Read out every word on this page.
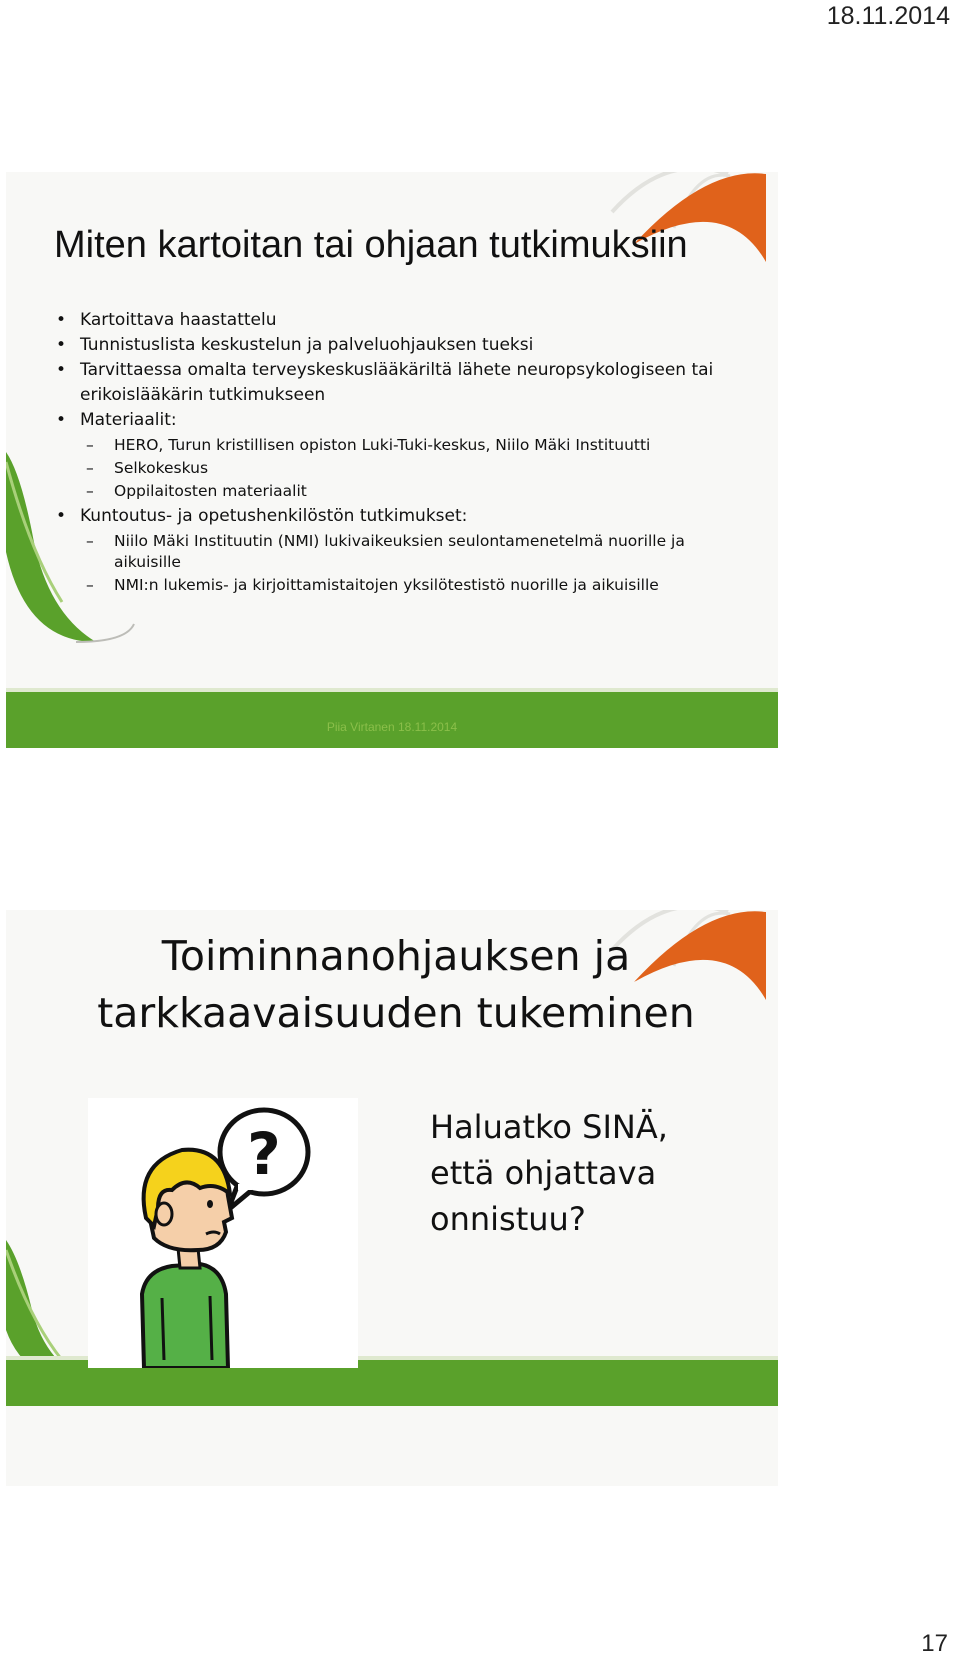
18.11.2014
Miten kartoitan tai ohjaan tutkimuksiin
• Kartoittava haastattelu
• Tunnistuslista keskustelun ja palveluohjauksen tueksi
• Tarvittaessa omalta terveyskeskuslääkäriltä lähete neuropsykologiseen tai erikoislääkärin tutkimukseen
• Materiaalit:
– HERO, Turun kristillisen opiston Luki-Tuki-keskus, Niilo Mäki Instituutti
– Selkokeskus
– Oppilaitosten materiaalit
• Kuntoutus- ja opetushenkilöstön tutkimukset:
– Niilo Mäki Instituutin (NMI) lukivaikeuksien seulontamenetelmä nuorille ja aikuisille
– NMI:n lukemis- ja kirjoittamistaitojen yksilötestistö nuorille ja aikuisille
Piia Virtanen 18.11.2014
Toiminnanohjauksen ja
tarkkaavaisuuden tukeminen
?	Haluatko SINÄ,
että ohjattava
onnistuu?

17
